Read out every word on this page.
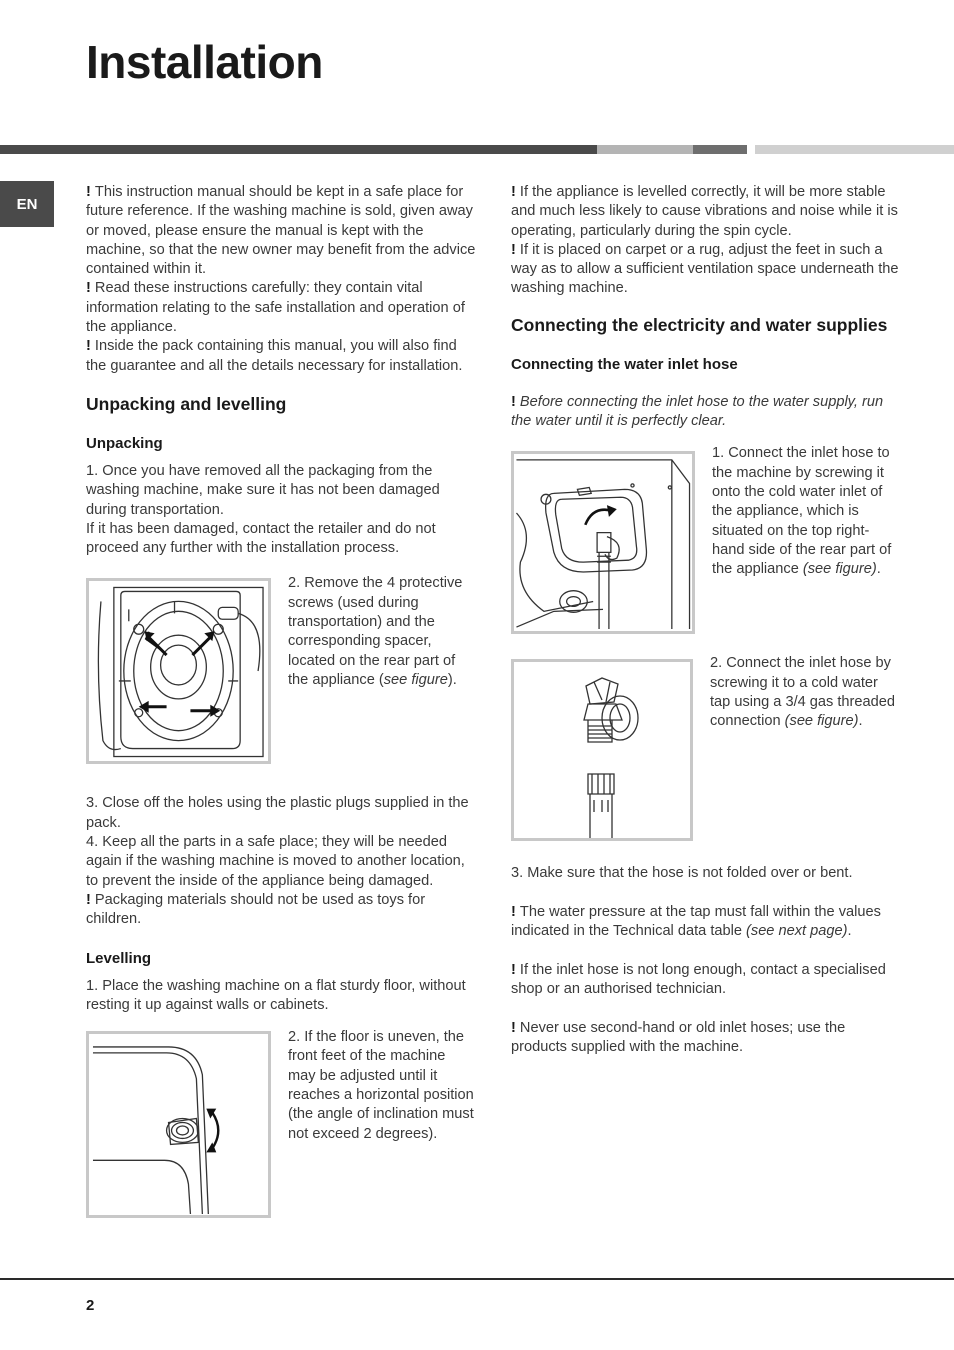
Installation
EN

! This instruction manual should be kept in a safe place for future reference. If the washing machine is sold, given away or moved, please ensure the manual is kept with the machine, so that the new owner may benefit from the advice contained within it.

! Read these instructions carefully: they contain vital information relating to the safe installation and operation of the appliance.

! Inside the pack containing this manual, you will also find the guarantee and all the details necessary for installation.

Unpacking and levelling
Unpacking

1. Once you have removed all the packaging from the washing machine, make sure it has not been damaged during transportation.

If it has been damaged, contact the retailer and do not proceed any further with the installation process.

2. Remove the 4 protective screws (used during transportation) and the corresponding spacer, located on the rear part of the appliance (see figure).

3. Close off the holes using the plastic plugs supplied in the pack.

4. Keep all the parts in a safe place; they will be needed again if the washing machine is moved to another location, to prevent the inside of the appliance being damaged.

! Packaging materials should not be used as toys for children.

Levelling

1. Place the washing machine on a flat sturdy floor, without resting it up against walls or cabinets.

2. If the floor is uneven, the front feet of the machine may be adjusted until it reaches a horizontal position (the angle of inclination must not exceed 2 degrees).

! If the appliance is levelled correctly, it will be more stable and much less likely to cause vibrations and noise while it is operating, particularly during the spin cycle.

! If it is placed on carpet or a rug, adjust the feet in such a way as to allow a sufficient ventilation space underneath the washing machine.

Connecting the electricity and water supplies
Connecting the water inlet hose

! Before connecting the inlet hose to the water supply, run the water until it is perfectly clear.

1. Connect the inlet hose to the machine by screwing it onto the cold water inlet of the appliance, which is situated on the top right-hand side of the rear part of the appliance (see figure).
2. Connect the inlet hose by screwing it to a cold water tap using a 3/4 gas threaded connection (see figure).

3. Make sure that the hose is not folded over or bent.

! The water pressure at the tap must fall within the values indicated in the Technical data table (see next page).

! If the inlet hose is not long enough, contact a specialised shop or an authorised technician.

! Never use second-hand or old inlet hoses; use the products supplied with the machine.

2
